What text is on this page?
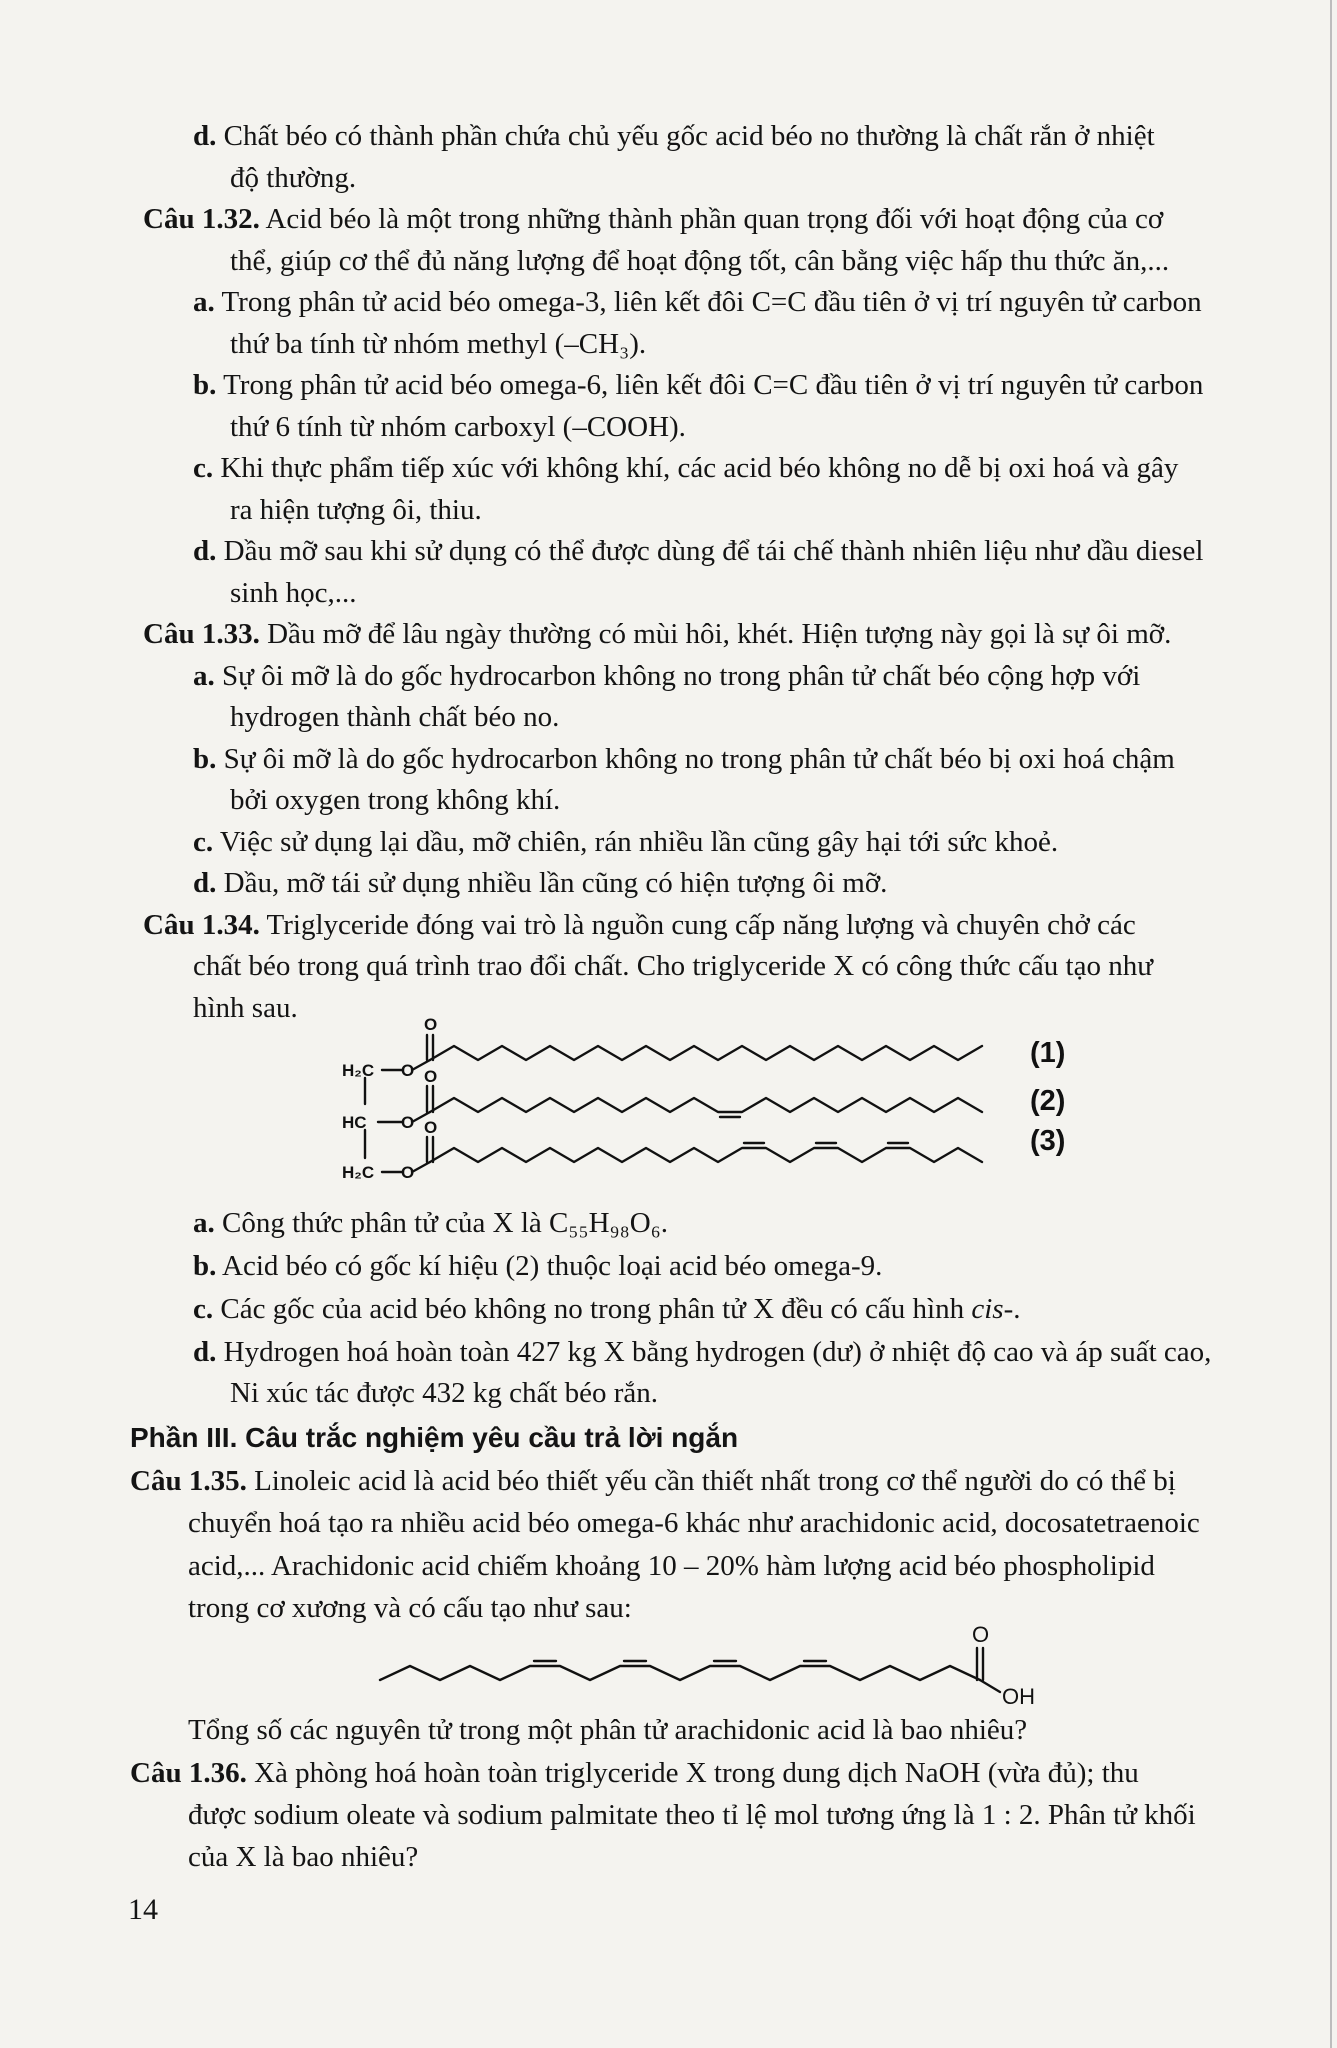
d. Chất béo có thành phần chứa chủ yếu gốc acid béo no thường là chất rắn ở nhiệt
độ thường.
Câu 1.32. Acid béo là một trong những thành phần quan trọng đối với hoạt động của cơ
thể, giúp cơ thể đủ năng lượng để hoạt động tốt, cân bằng việc hấp thu thức ăn,...
a. Trong phân tử acid béo omega-3, liên kết đôi C=C đầu tiên ở vị trí nguyên tử carbon
thứ ba tính từ nhóm methyl (–CH₃).
b. Trong phân tử acid béo omega-6, liên kết đôi C=C đầu tiên ở vị trí nguyên tử carbon
thứ 6 tính từ nhóm carboxyl (–COOH).
c. Khi thực phẩm tiếp xúc với không khí, các acid béo không no dễ bị oxi hoá và gây
ra hiện tượng ôi, thiu.
d. Dầu mỡ sau khi sử dụng có thể được dùng để tái chế thành nhiên liệu như dầu diesel
sinh học,...
Câu 1.33. Dầu mỡ để lâu ngày thường có mùi hôi, khét. Hiện tượng này gọi là sự ôi mỡ.
a. Sự ôi mỡ là do gốc hydrocarbon không no trong phân tử chất béo cộng hợp với
hydrogen thành chất béo no.
b. Sự ôi mỡ là do gốc hydrocarbon không no trong phân tử chất béo bị oxi hoá chậm
bởi oxygen trong không khí.
c. Việc sử dụng lại dầu, mỡ chiên, rán nhiều lần cũng gây hại tới sức khoẻ.
d. Dầu, mỡ tái sử dụng nhiều lần cũng có hiện tượng ôi mỡ.
Câu 1.34. Triglyceride đóng vai trò là nguồn cung cấp năng lượng và chuyên chở các
chất béo trong quá trình trao đổi chất. Cho triglyceride X có công thức cấu tạo như
hình sau.
H₂C
HC
H₂C
O
O
O
O
O
O
(1)
(2)
(3)
a. Công thức phân tử của X là C₅₅H₉₈O₆.
b. Acid béo có gốc kí hiệu (2) thuộc loại acid béo omega-9.
c. Các gốc của acid béo không no trong phân tử X đều có cấu hình cis-.
d. Hydrogen hoá hoàn toàn 427 kg X bằng hydrogen (dư) ở nhiệt độ cao và áp suất cao,
Ni xúc tác được 432 kg chất béo rắn.
Phần III. Câu trắc nghiệm yêu cầu trả lời ngắn
Câu 1.35. Linoleic acid là acid béo thiết yếu cần thiết nhất trong cơ thể người do có thể bị
chuyển hoá tạo ra nhiều acid béo omega-6 khác như arachidonic acid, docosatetraenoic
acid,... Arachidonic acid chiếm khoảng 10 – 20% hàm lượng acid béo phospholipid
trong cơ xương và có cấu tạo như sau:
O
OH
Tổng số các nguyên tử trong một phân tử arachidonic acid là bao nhiêu?
Câu 1.36. Xà phòng hoá hoàn toàn triglyceride X trong dung dịch NaOH (vừa đủ); thu
được sodium oleate và sodium palmitate theo tỉ lệ mol tương ứng là 1 : 2. Phân tử khối
của X là bao nhiêu?
14
